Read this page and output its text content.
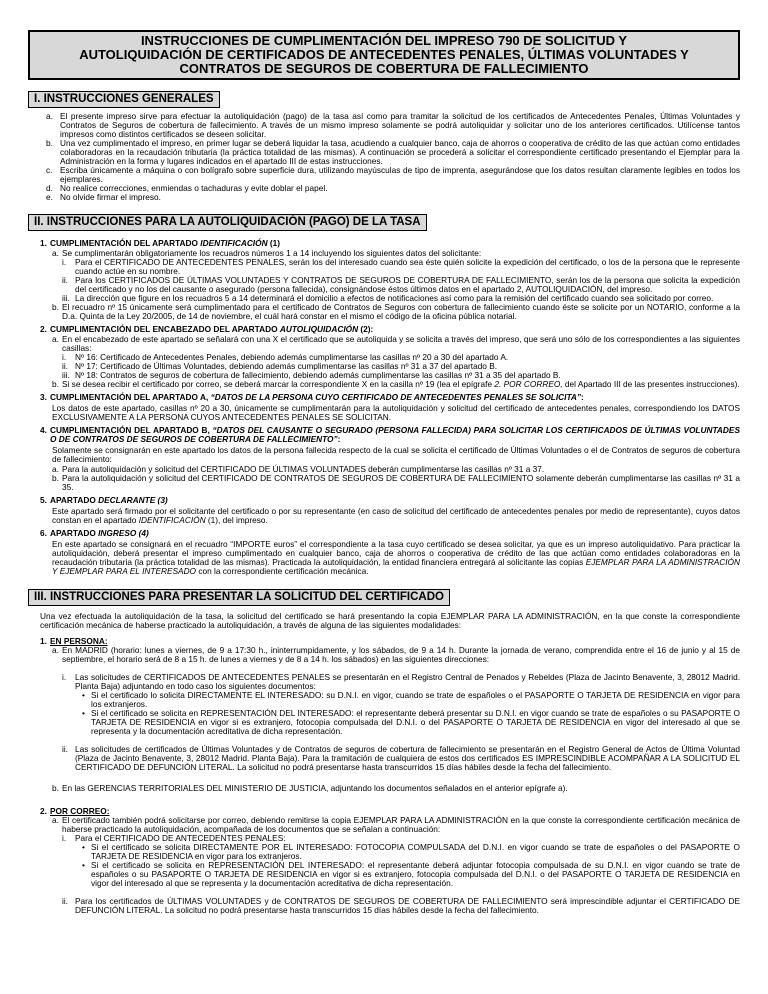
INSTRUCCIONES DE CUMPLIMENTACIÓN DEL IMPRESO 790 DE SOLICITUD Y
AUTOLIQUIDACIÓN DE CERTIFICADOS DE ANTECEDENTES PENALES, ÚLTIMAS VOLUNTADES Y
CONTRATOS DE SEGUROS DE COBERTURA DE FALLECIMIENTO
I. INSTRUCCIONES GENERALES
a. El presente impreso sirve para efectuar la autoliquidación (pago) de la tasa así como para tramitar la solicitud de los certificados de Antecedentes Penales, Últimas Voluntades y Contratos de Seguros de cobertura de fallecimiento. A través de un mismo impreso solamente se podrá autoliquidar y solicitar uno de los anteriores certificados. Utilícense tantos impresos como distintos certificados se deseen solicitar.
b. Una vez cumplimentado el impreso, en primer lugar se deberá liquidar la tasa, acudiendo a cualquier banco, caja de ahorros o cooperativa de crédito de las que actúan como entidades colaboradoras en la recaudación tributaria (la práctica totalidad de las mismas). A continuación se procederá a solicitar el correspondiente certificado presentando el Ejemplar para la Administración en la forma y lugares indicados en el apartado III de estas instrucciones.
c. Escriba únicamente a máquina o con bolígrafo sobre superficie dura, utilizando mayúsculas de tipo de imprenta, asegurándose que los datos resultan claramente legibles en todos los ejemplares.
d. No realice correcciones, enmiendas o tachaduras y evite doblar el papel.
e. No olvide firmar el impreso.
II. INSTRUCCIONES PARA LA AUTOLIQUIDACIÓN (PAGO) DE LA TASA
1. CUMPLIMENTACIÓN DEL APARTADO IDENTIFICACIÓN (1)
a. Se cumplimentarán obligatoriamente los recuadros números 1 a 14 incluyendo los siguientes datos del solicitante:
i.	Para el CERTIFICADO DE ANTECEDENTES PENALES, serán los del interesado cuando sea éste quién solicite la expedición del certificado, o los de la persona que le represente cuando actúe en su nombre.
ii. Para los CERTIFICADOS DE ÚLTIMAS VOLUNTADES Y CONTRATOS DE SEGUROS DE COBERTURA DE FALLECIMIENTO, serán los de la persona que solicita la expedición del certificado y no los del causante o asegurado (persona fallecida), consignándose éstos últimos datos en el apartado 2, AUTOLIQUIDACIÓN, del impreso.
iii. La dirección que figure en los recuadros 5 a 14 determinará el domicilio a efectos de notificaciones así como para la remisión del certificado cuando sea solicitado por correo.
b. El recuadro nº 15 únicamente será cumplimentado para el certificado de Contratos de Seguros con cobertura de fallecimiento cuando éste se solicite por un NOTARIO, conforme a la D.a. Quinta de la Ley 20/2005, de 14 de noviembre, el cuál hará constar en el mismo el código de la oficina pública notarial.
2. CUMPLIMENTACIÓN DEL ENCABEZADO DEL APARTADO AUTOLIQUIDACIÓN (2):
a. En el encabezado de este apartado se señalará con una X el certificado que se autoliquida y se solicita a través del impreso, que será uno sólo de los correspondientes a las siguientes casillas:
i.	Nº 16: Certificado de Antecedentes Penales, debiendo además cumplimentarse las casillas nº 20 a 30 del apartado A.
ii. Nº 17: Certificado de Últimas Voluntades, debiendo además cumplimentarse las casillas nº 31 a 37 del apartado B.
iii. Nº 18: Contratos de seguros de cobertura de fallecimiento, debiendo además cumplimentarse las casillas nº 31 a 35 del apartado B.
b. Si se desea recibir el certificado por correo, se deberá marcar la correspondiente X en la casilla nº 19 (lea el epígrafe 2. POR CORREO, del Apartado III de las presentes instrucciones).
3. CUMPLIMENTACIÓN DEL APARTADO A, “DATOS DE LA PERSONA CUYO CERTIFICADO DE ANTECEDENTES PENALES SE SOLICITA”:
Los datos de este apartado, casillas nº 20 a 30, únicamente se cumplimentarán para la autoliquidación y solicitud del certificado de antecedentes penales, correspondiendo los DATOS EXCLUSIVAMENTE A LA PERSONA CUYOS ANTECEDENTES PENALES SE SOLICITAN.
4. CUMPLIMENTACIÓN DEL APARTADO B, “DATOS DEL CAUSANTE O SEGURADO (PERSONA FALLECIDA) PARA SOLICITAR LOS CERTIFICADOS DE ÚLTIMAS VOLUNTADES O DE CONTRATOS DE SEGUROS DE COBERTURA DE FALLECIMIENTO”:
Solamente se consignarán en este apartado los datos de la persona fallecida respecto de la cual se solicita el certificado de Últimas Voluntades o el de Contratos de seguros de cobertura de fallecimiento:
a. Para la autoliquidación y solicitud del CERTIFICADO DE ÚLTIMAS VOLUNTADES deberán cumplimentarse las casillas nº 31 a 37.
b. Para la autoliquidación y solicitud del CERTIFICADO DE CONTRATOS DE SEGUROS DE COBERTURA DE FALLECIMIENTO solamente deberán cumplimentarse las casillas nº 31 a 35.
5. APARTADO DECLARANTE (3)
Este apartado será firmado por el solicitante del certificado o por su representante (en caso de solicitud del certificado de antecedentes penales por medio de representante), cuyos datos constan en el apartado IDENTIFICACIÓN (1), del impreso.
6. APARTADO INGRESO (4)
En este apartado se consignará en el recuadro “IMPORTE euros” el correspondiente a la tasa cuyo certificado se desea solicitar, ya que es un impreso autoliquidativo. Para practicar la autoliquidación, deberá presentar el impreso cumplimentado en cualquier banco, caja de ahorros o cooperativa de crédito de las que actúan como entidades colaboradoras en la recaudación tributaria (la práctica totalidad de las mismas). Practicada la autoliquidación, la entidad financiera entregará al solicitante las copias EJEMPLAR PARA LA ADMINISTRACIÓN Y EJEMPLAR PARA EL INTERESADO con la correspondiente certificación mecánica.
III. INSTRUCCIONES PARA PRESENTAR LA SOLICITUD DEL CERTIFICADO
Una vez efectuada la autoliquidación de la tasa, la solicitud del certificado se hará presentando la copia EJEMPLAR PARA LA ADMINISTRACIÓN, en la que conste la correspondiente certificación mecánica de haberse practicado la autoliquidación, a través de alguna de las siguientes modalidades:
1. EN PERSONA:
a. En MADRID (horario: lunes a viernes, de 9 a 17:30 h., ininterrumpidamente, y los sábados, de 9 a 14 h. Durante la jornada de verano, comprendida entre el 16 de junio y al 15 de septiembre, el horario será de 8 a 15 h. de lunes a viernes y de 8 a 14 h. los sábados) en las siguientes direcciones:
i.	Las solicitudes de CERTIFICADOS DE ANTECEDENTES PENALES se presentarán en el Registro Central de Penados y Rebeldes (Plaza de Jacinto Benavente, 3, 28012 Madrid. Planta Baja) adjuntando en todo caso los siguientes documentos:
• Si el certificado lo solicita DIRECTAMENTE EL INTERESADO: su D.N.I. en vigor, cuando se trate de españoles o el PASAPORTE O TARJETA DE RESIDENCIA en vigor para los extranjeros.
• Si el certificado se solicita en REPRESENTACIÓN DEL INTERESADO: el representante deberá presentar su D.N.I. en vigor cuando se trate de españoles o su PASAPORTE O TARJETA DE RESIDENCIA en vigor si es extranjero, fotocopia compulsada del D.N.I. o del PASAPORTE O TARJETA DE RESIDENCIA en vigor del interesado al que se representa y la documentación acreditativa de dicha representación.
ii. Las solicitudes de certificados de Últimas Voluntades y de Contratos de seguros de cobertura de fallecimiento se presentarán en el Registro General de Actos de Última Voluntad (Plaza de Jacinto Benavente, 3, 28012 Madrid. Planta Baja). Para la tramitación de cualquiera de estos dos certificados ES IMPRESCINDIBLE ACOMPAÑAR A LA SOLICITUD EL CERTIFICADO DE DEFUNCIÓN LITERAL. La solicitud no podrá presentarse hasta transcurridos 15 días hábiles desde la fecha del fallecimiento.
b. En las GERENCIAS TERRITORIALES DEL MINISTERIO DE JUSTICIA, adjuntando los documentos señalados en el anterior epígrafe a).
2. POR CORREO:
a. El certificado también podrá solicitarse por correo, debiendo remitirse la copia EJEMPLAR PARA LA ADMINISTRACIÓN en la que conste la correspondiente certificación mecánica de haberse practicado la autoliquidación, acompañada de los documentos que se señalan a continuación:
i.	Para el CERTIFICADO DE ANTECEDENTES PENALES:
• Si el certificado se solicita DIRECTAMENTE POR EL INTERESADO: FOTOCOPIA COMPULSADA del D.N.I. en vigor cuando se trate de españoles o del PASAPORTE O TARJETA DE RESIDENCIA en vigor para los extranjeros.
• Si el certificado se solicita en REPRESENTACIÓN DEL INTERESADO: el representante deberá adjuntar fotocopia compulsada de su D.N.I. en vigor cuando se trate de españoles o su PASAPORTE O TARJETA DE RESIDENCIA en vigor si es extranjero, fotocopia compulsada del D.N.I. o del PASAPORTE O TARJETA DE RESIDENCIA en vigor del interesado al que se representa y la documentación acreditativa de dicha representación.
ii. Para los certificados de ÚLTIMAS VOLUNTADES y de CONTRATOS DE SEGUROS DE COBERTURA DE FALLECIMIENTO será imprescindible adjuntar el CERTIFICADO DE DEFUNCIÓN LITERAL. La solicitud no podrá presentarse hasta transcurridos 15 días hábiles desde la fecha del fallecimiento.
